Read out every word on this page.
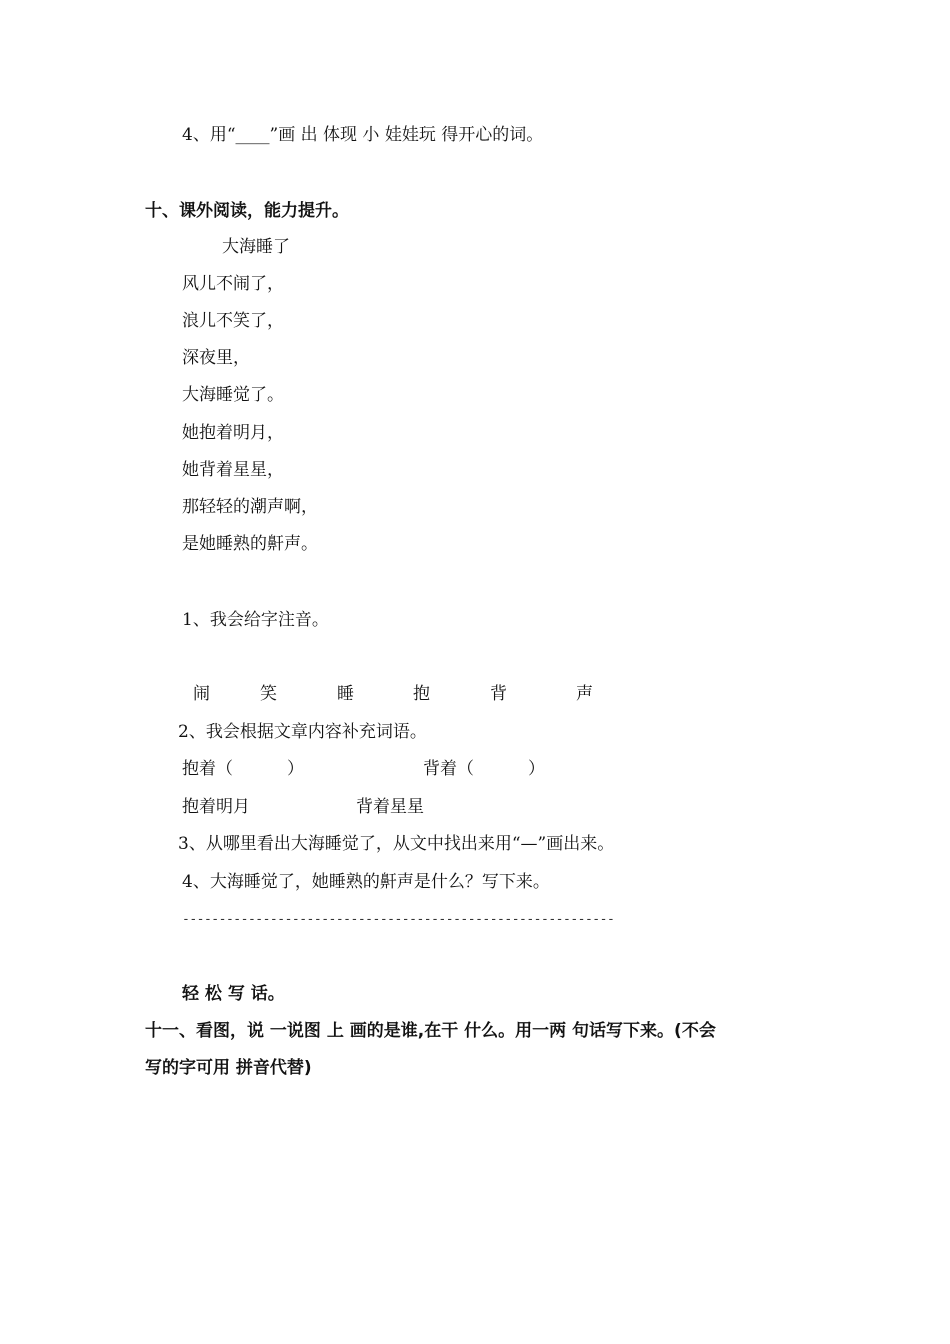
4、用“____”画 出 体现 小 娃娃玩 得开心的词。
十、课外阅读，能力提升。
大海睡了
风儿不闹了，
浪儿不笑了，
深夜里，
大海睡觉了。
她抱着明月，
她背着星星，
那轻轻的潮声啊，
是她睡熟的鼾声。
1、我会给字注音。
闹	笑	睡	抱	背	声
2、我会根据文章内容补充词语。
抱着（          ）	背着（          ）
抱着明月	背着星星
3、从哪里看出大海睡觉了，从文中找出来用“—”画出来。
4、大海睡觉了，她睡熟的鼾声是什么？写下来。
-----------------------------------------------------------
轻 松 写 话。
十一、看图，说 一说图 上 画的是谁,在干 什么。用一两 句话写下来。(不会
写的字可用 拼音代替)
